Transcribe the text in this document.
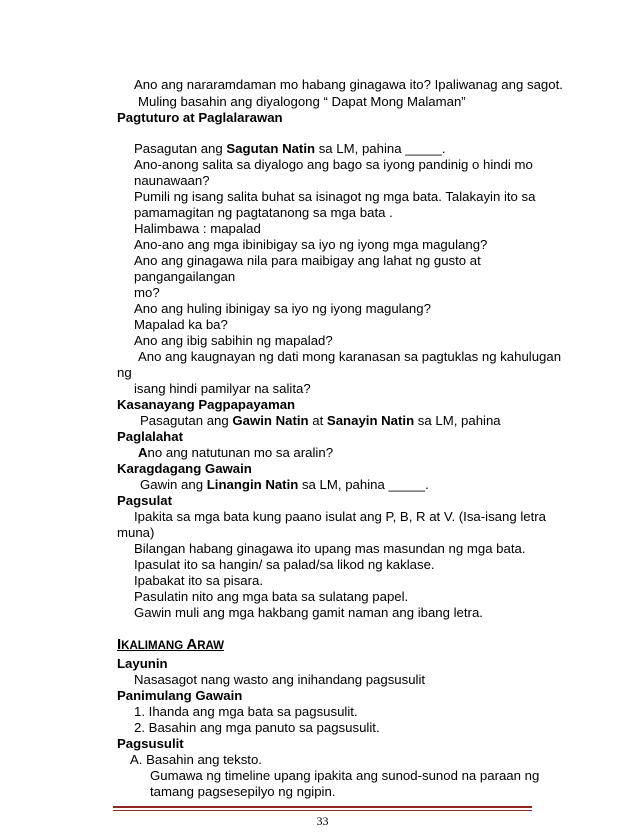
Ano ang nararamdaman mo habang ginagawa ito? Ipaliwanag ang sagot.
Muling basahin ang diyalogong “ Dapat Mong Malaman”
Pagtuturo at Paglalarawan
Pasagutan ang Sagutan Natin sa LM, pahina _____.
Ano-anong salita sa diyalogo ang bago sa iyong pandinig o hindi mo
naunawaan?
Pumili ng isang salita buhat sa isinagot ng mga bata. Talakayin ito sa
pamamagitan ng pagtatanong sa mga bata .
Halimbawa : mapalad
Ano-ano ang mga ibinibigay sa iyo ng iyong mga magulang?
Ano ang ginagawa nila para maibigay ang lahat ng gusto at
pangangailangan
mo?
Ano ang huling ibinigay sa iyo ng iyong magulang?
Mapalad ka ba?
Ano ang ibig sabihin ng mapalad?
Ano ang kaugnayan ng dati mong karanasan sa pagtuklas ng kahulugan
ng
isang hindi pamilyar na salita?
Kasanayang Pagpapayaman
Pasagutan ang Gawin Natin at Sanayin Natin sa LM, pahina
Paglalahat
Ano ang natutunan mo sa aralin?
Karagdagang Gawain
Gawin ang Linangin Natin sa LM, pahina _____.
Pagsulat
Ipakita sa mga bata kung paano isulat ang P, B, R at V. (Isa-isang letra
muna)
Bilangan habang ginagawa ito upang mas masundan ng mga bata.
Ipasulat ito sa hangin/ sa palad/sa likod ng kaklase.
Ipabakat ito sa pisara.
Pasulatin nito ang mga bata sa sulatang papel.
Gawin muli ang mga hakbang gamit naman ang ibang letra.
IKALIMANG ARAW
Layunin
Nasasagot nang wasto ang inihandang pagsusulit
Panimulang Gawain
1. Ihanda ang mga bata sa pagsusulit.
2. Basahin ang mga panuto sa pagsusulit.
Pagsusulit
A. Basahin ang teksto.
Gumawa ng timeline upang ipakita ang sunod-sunod na paraan ng
tamang pagsesepilyo ng ngipin.
33
